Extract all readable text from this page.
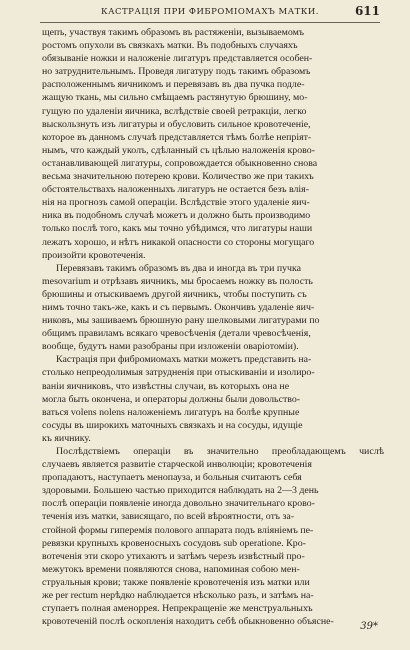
КАСТРАЦІЯ ПРИ ФИБРОМІОМАХЪ МАТКИ.	611

щепъ, участвуя такимъ образомъ въ растяженіи, вызываемомъ
ростомъ опухоли въ связкахъ матки. Въ подобныхъ случаяхъ
обязываніе ножки и наложеніе лигатуръ представляется особен-
но затруднительнымъ. Проведя лигатуру подъ такимъ образомъ
расположеннымъ яичникомъ и перевязавъ въ два пучка подле-
жащую ткань, мы сильно смѣщаемъ растянутую брюшину, мо-
гущую по удаленіи яичника, вслѣдствіе своей ретракціи, легко
выскользнуть изъ лигатуры и обусловить сильное кровотеченіе,
которое въ данномъ случаѣ представляется тѣмъ болѣе непріят-
нымъ, что каждый уколъ, сдѣланный съ цѣлью наложенія крово-
останавливающей лигатуры, сопровождается обыкновенно снова
весьма значительною потерею крови. Количество же при такихъ
обстоятельствахъ наложенныхъ лигатуръ не остается безъ влія-
нія на прогнозъ самой операціи. Вслѣдствіе этого удаленіе яич-
ника въ подобномъ случаѣ можетъ и должно быть производимо
только послѣ того, какъ мы точно убѣдимся, что лигатуры наши
лежатъ хорошо, и нѣтъ никакой опасности со стороны могущаго
произойти кровотеченія.

Перевязавъ такимъ образомъ въ два и иногда въ три пучка
mesovarium и отрѣзавъ яичникъ, мы бросаемъ ножку въ полость
брюшины и отыскиваемъ другой яичникъ, чтобы поступить съ
нимъ точно такъ-же, какъ и съ первымъ. Окончивъ удаленіе яич-
никовъ, мы зашиваемъ брюшную рану шелковыми лигатурами по
общимъ правиламъ всякаго чревосѣченія (детали чревосѣченія,
вообще, будутъ нами разобраны при изложеніи оваріотоміи).

Кастрація при фибромиомахъ матки можетъ представить на-
столько непреодолимыя затрудненія при отыскиваніи и изолиро-
ваніи яичниковъ, что извѣстны случаи, въ которыхъ она не
могла быть окончена, и операторы должны были довольство-
ваться volens nolens наложеніемъ лигатуръ на болѣе крупные
сосуды въ широкихъ маточныхъ связкахъ и на сосуды, идущіе
къ яичнику.

Послѣдствіемъ операціи въ значительно преобладающемъ числѣ
случаевъ является развитіе старческой инволюціи; кровотеченія
пропадаютъ, наступаетъ менопауза, и больныя считаютъ себя
здоровыми. Большею частью приходится наблюдать на 2—3 день
послѣ операціи появленіе иногда довольно значительнаго крово-
теченія изъ матки, зависящаго, по всей вѣроятности, отъ за-
стойной формы гиперемія полового аппарата подъ вліяніемъ пе-
ревязки крупныхъ кровеносныхъ сосудовъ sub operatione. Кро-
вотеченія эти скоро утихаютъ и затѣмъ черезъ извѣстный про-
межутокъ времени появляются снова, напоминая собою мен-
струальныя крови; также появленіе кровотеченія изъ матки или
же per rectum нерѣдко наблюдается нѣсколько разъ, и затѣмъ на-
ступаетъ полная аменоррея. Непрекращеніе же менструальныхъ
кровотеченій послѣ оскопленія находитъ себѣ обыкновенно объясне-	39*
